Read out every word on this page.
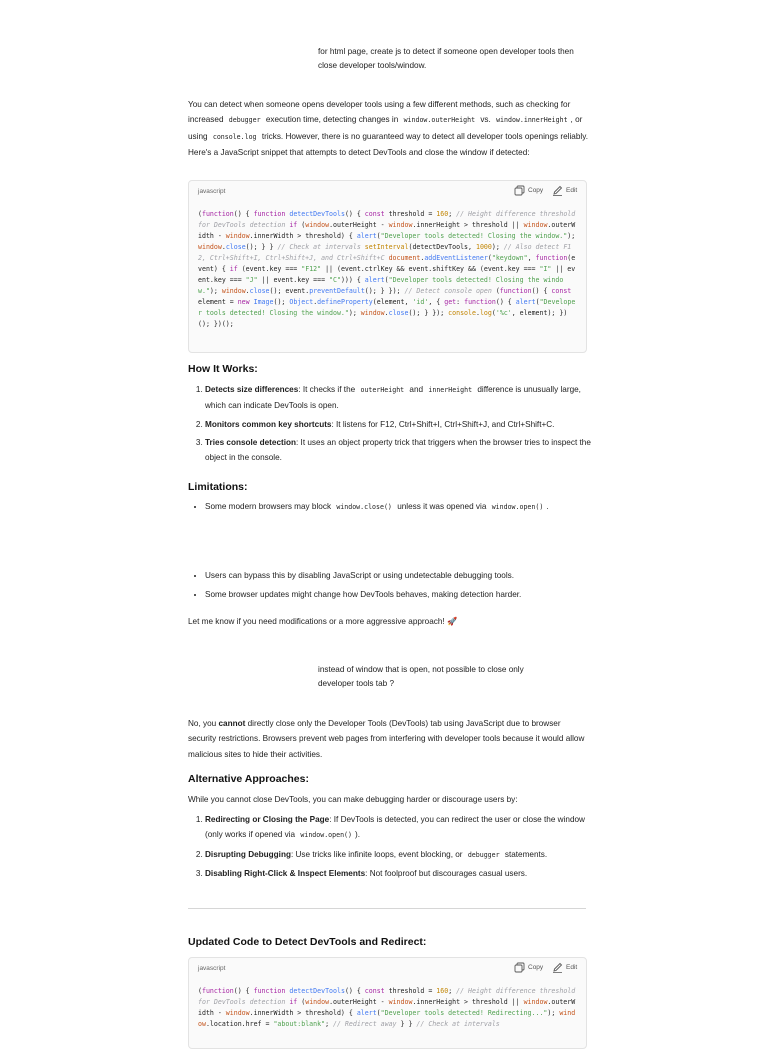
for html page, create js to detect if someone open developer tools then close developer tools/window.
You can detect when someone opens developer tools using a few different methods, such as checking for increased debugger execution time, detecting changes in window.outerHeight vs. window.innerHeight , or using console.log tricks. However, there is no guaranteed way to detect all developer tools openings reliably. Here's a JavaScript snippet that attempts to detect DevTools and close the window if detected:
javascript	Copy	Edit
(function() { function detectDevTools() { const threshold = 160; // Height difference threshold for DevTools detection if (window.outerHeight - window.innerHeight > threshold || window.outerWidth - window.innerWidth > threshold) { alert("Developer tools detected! Closing the window."); window.close(); } } // Check at intervals setInterval(detectDevTools, 1000); // Also detect F12, Ctrl+Shift+I, Ctrl+Shift+J, and Ctrl+Shift+C document.addEventListener("keydown", function(event) { if (event.key === "F12" || (event.ctrlKey && event.shiftKey && (event.key === "I" || event.key === "J" || event.key === "C"))) { alert("Developer tools detected! Closing the window."); window.close(); event.preventDefault(); } }); // Detect console open (function() { const element = new Image(); Object.defineProperty(element, 'id', { get: function() { alert("Developer tools detected! Closing the window."); window.close(); } }); console.log('%c', element); })(); })();
How It Works:
1. Detects size differences: It checks if the outerHeight and innerHeight difference is unusually large, which can indicate DevTools is open.
2. Monitors common key shortcuts: It listens for F12, Ctrl+Shift+I, Ctrl+Shift+J, and Ctrl+Shift+C.
3. Tries console detection: It uses an object property trick that triggers when the browser tries to inspect the object in the console.
Limitations:
• Some modern browsers may block window.close() unless it was opened via window.open() .
• Users can bypass this by disabling JavaScript or using undetectable debugging tools.
• Some browser updates might change how DevTools behaves, making detection harder.
Let me know if you need modifications or a more aggressive approach! 🚀
instead of window that is open, not possible to close only developer tools tab ?
No, you cannot directly close only the Developer Tools (DevTools) tab using JavaScript due to browser security restrictions. Browsers prevent web pages from interfering with developer tools because it would allow malicious sites to hide their activities.
Alternative Approaches:
While you cannot close DevTools, you can make debugging harder or discourage users by:
1. Redirecting or Closing the Page: If DevTools is detected, you can redirect the user or close the window (only works if opened via window.open() ).
2. Disrupting Debugging: Use tricks like infinite loops, event blocking, or debugger statements.
3. Disabling Right-Click & Inspect Elements: Not foolproof but discourages casual users.
Updated Code to Detect DevTools and Redirect:
javascript	Copy	Edit
(function() { function detectDevTools() { const threshold = 160; // Height difference threshold for DevTools detection if (window.outerHeight - window.innerHeight > threshold || window.outerWidth - window.innerWidth > threshold) { alert("Developer tools detected! Redirecting..."); window.location.href = "about:blank"; // Redirect away } } // Check at intervals
